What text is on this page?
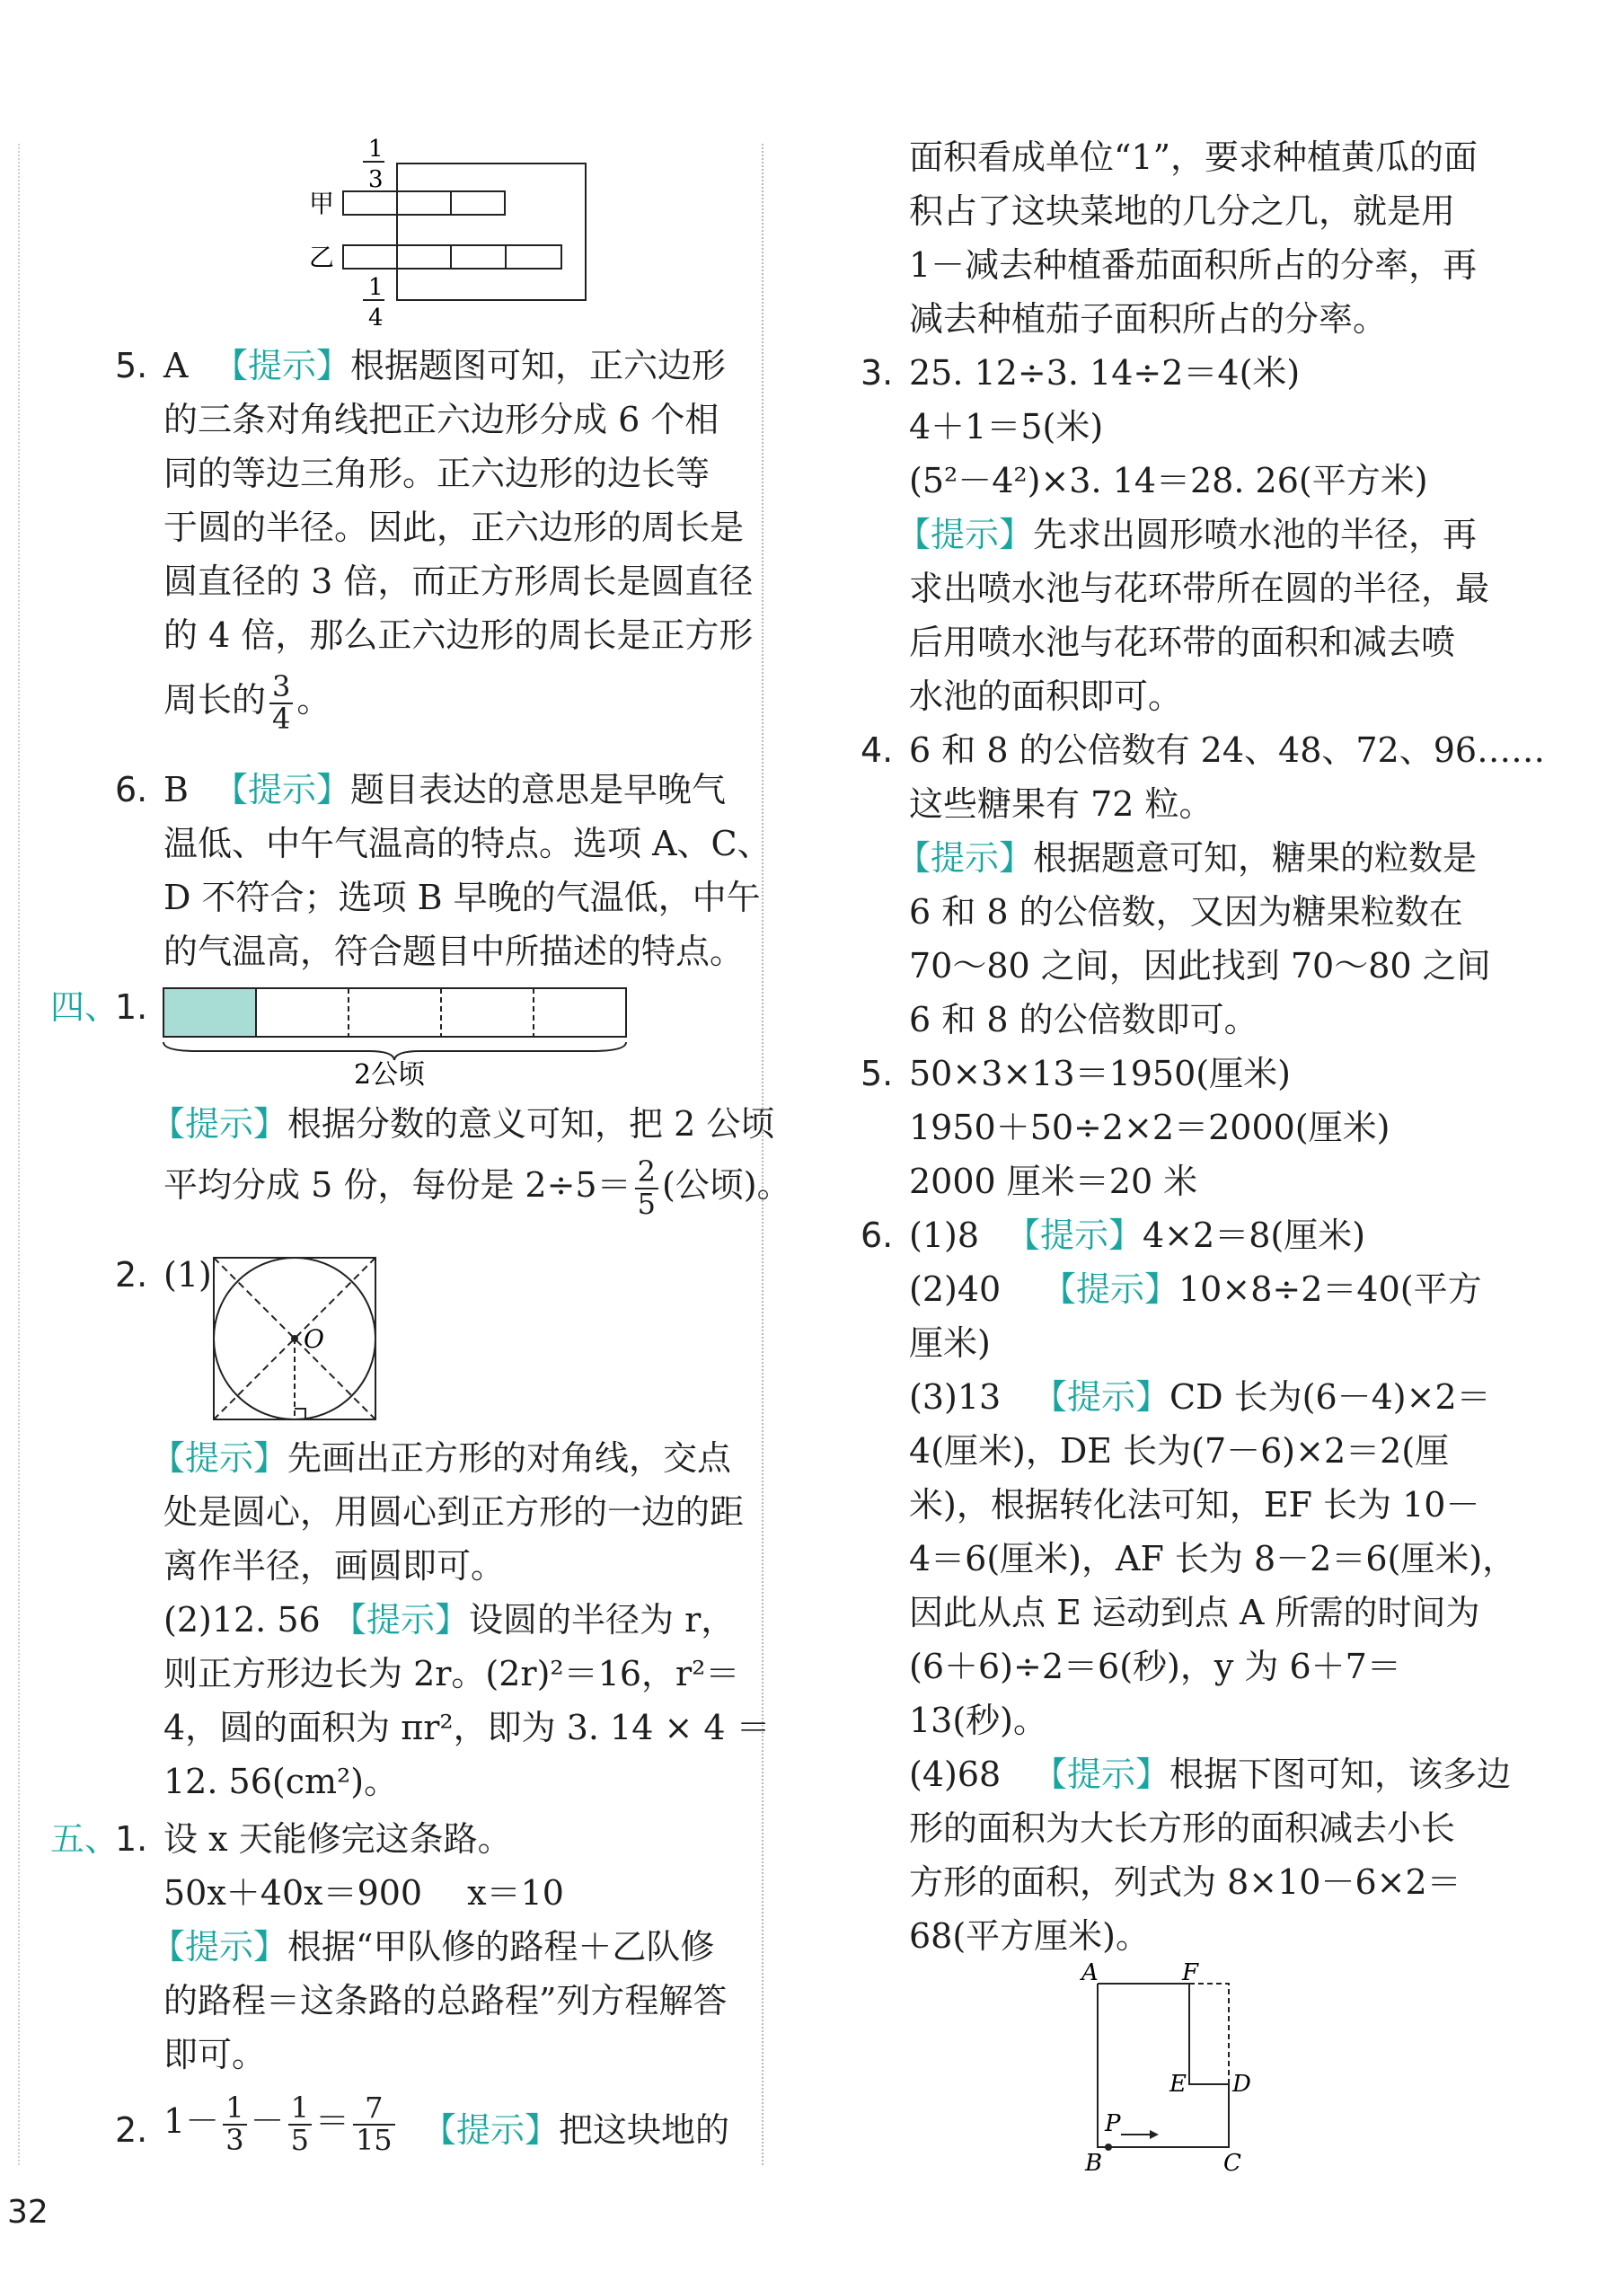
甲
乙
1
3
1
4
5. A 【提示】 根据题图可知，正六边形
的三条对角线把正六边形分成 6 个相
同的等边三角形。正六边形的边长等
于圆的半径。因此，正六边形的周长是
圆直径的 3 倍，而正方形周长是圆直径
的 4 倍，那么正六边形的周长是正方形
周长的 $\frac{3}{4}$ 。
6. B 【提示】 题目表达的意思是早晚气
温低、中午气温高的特点。选项 A、C、
D 不符合；选项 B 早晚的气温低，中午
的气温高，符合题目中所描述的特点。
四、
1.
2公顷
【提示】 根据分数的意义可知，把 2 公顷
平均分成 5 份，每份是 $2\div 5= \frac{2}{5}$ (公顷)。
2. (1)
O
【提示】 先画出正方形的对角线，交点
处是圆心，用圆心到正方形的一边的距
离作半径，画圆即可。
(2)12. 56 【提示】 设圆的半径为 r，
则正方形边长为 2r。(2r)²＝16，r²＝
4，圆的面积为 πr²，即为 3. 14 × 4 ＝
12. 56(cm²)。
五、
1. 设 x 天能修完这条路。
50x＋40x＝900　 x＝10
【提示】 根据“甲队修的路程＋乙队修
的路程＝这条路的总路程”列方程解答
即可。
2. $1- \frac{1}{3} - \frac{1}{5} = \frac{7}{15}$ 【提示】 把这块地的
面积看成单位“1”，要求种植黄瓜的面
积占了这块菜地的几分之几，就是用
1－减去种植番茄面积所占的分率，再
减去种植茄子面积所占的分率。
3. 25. 12÷3. 14÷2＝4(米)
4＋1＝5(米)
(5²－4²)×3. 14＝28. 26(平方米)
【提示】 先求出圆形喷水池的半径，再
求出喷水池与花环带所在圆的半径，最
后用喷水池与花环带的面积和减去喷
水池的面积即可。
4. 6 和 8 的公倍数有 24、48、72、96……
这些糖果有 72 粒。
【提示】 根据题意可知，糖果的粒数是
6 和 8 的公倍数，又因为糖果粒数在
70～80 之间，因此找到 70～80 之间
6 和 8 的公倍数即可。
5. 50×3×13＝1950(厘米)
1950＋50÷2×2＝2000(厘米)
2000 厘米＝20 米
6. (1)8 【提示】 4×2＝8(厘米)
(2)40 【提示】 10×8÷2＝40(平方
厘米)
(3)13 【提示】 CD 长为(6－4)×2＝
4(厘米)，DE 长为(7－6)×2＝2(厘
米)，根据转化法可知，EF 长为 10－
4＝6(厘米)，AF 长为 8－2＝6(厘米)，
因此从点 E 运动到点 A 所需的时间为
(6＋6)÷2＝6(秒)，y 为 6＋7＝
13(秒)。
(4)68 【提示】 根据下图可知，该多边
形的面积为大长方形的面积减去小长
方形的面积，列式为 8×10－6×2＝
68(平方厘米)。
A	F
E D
P
B	C
32
